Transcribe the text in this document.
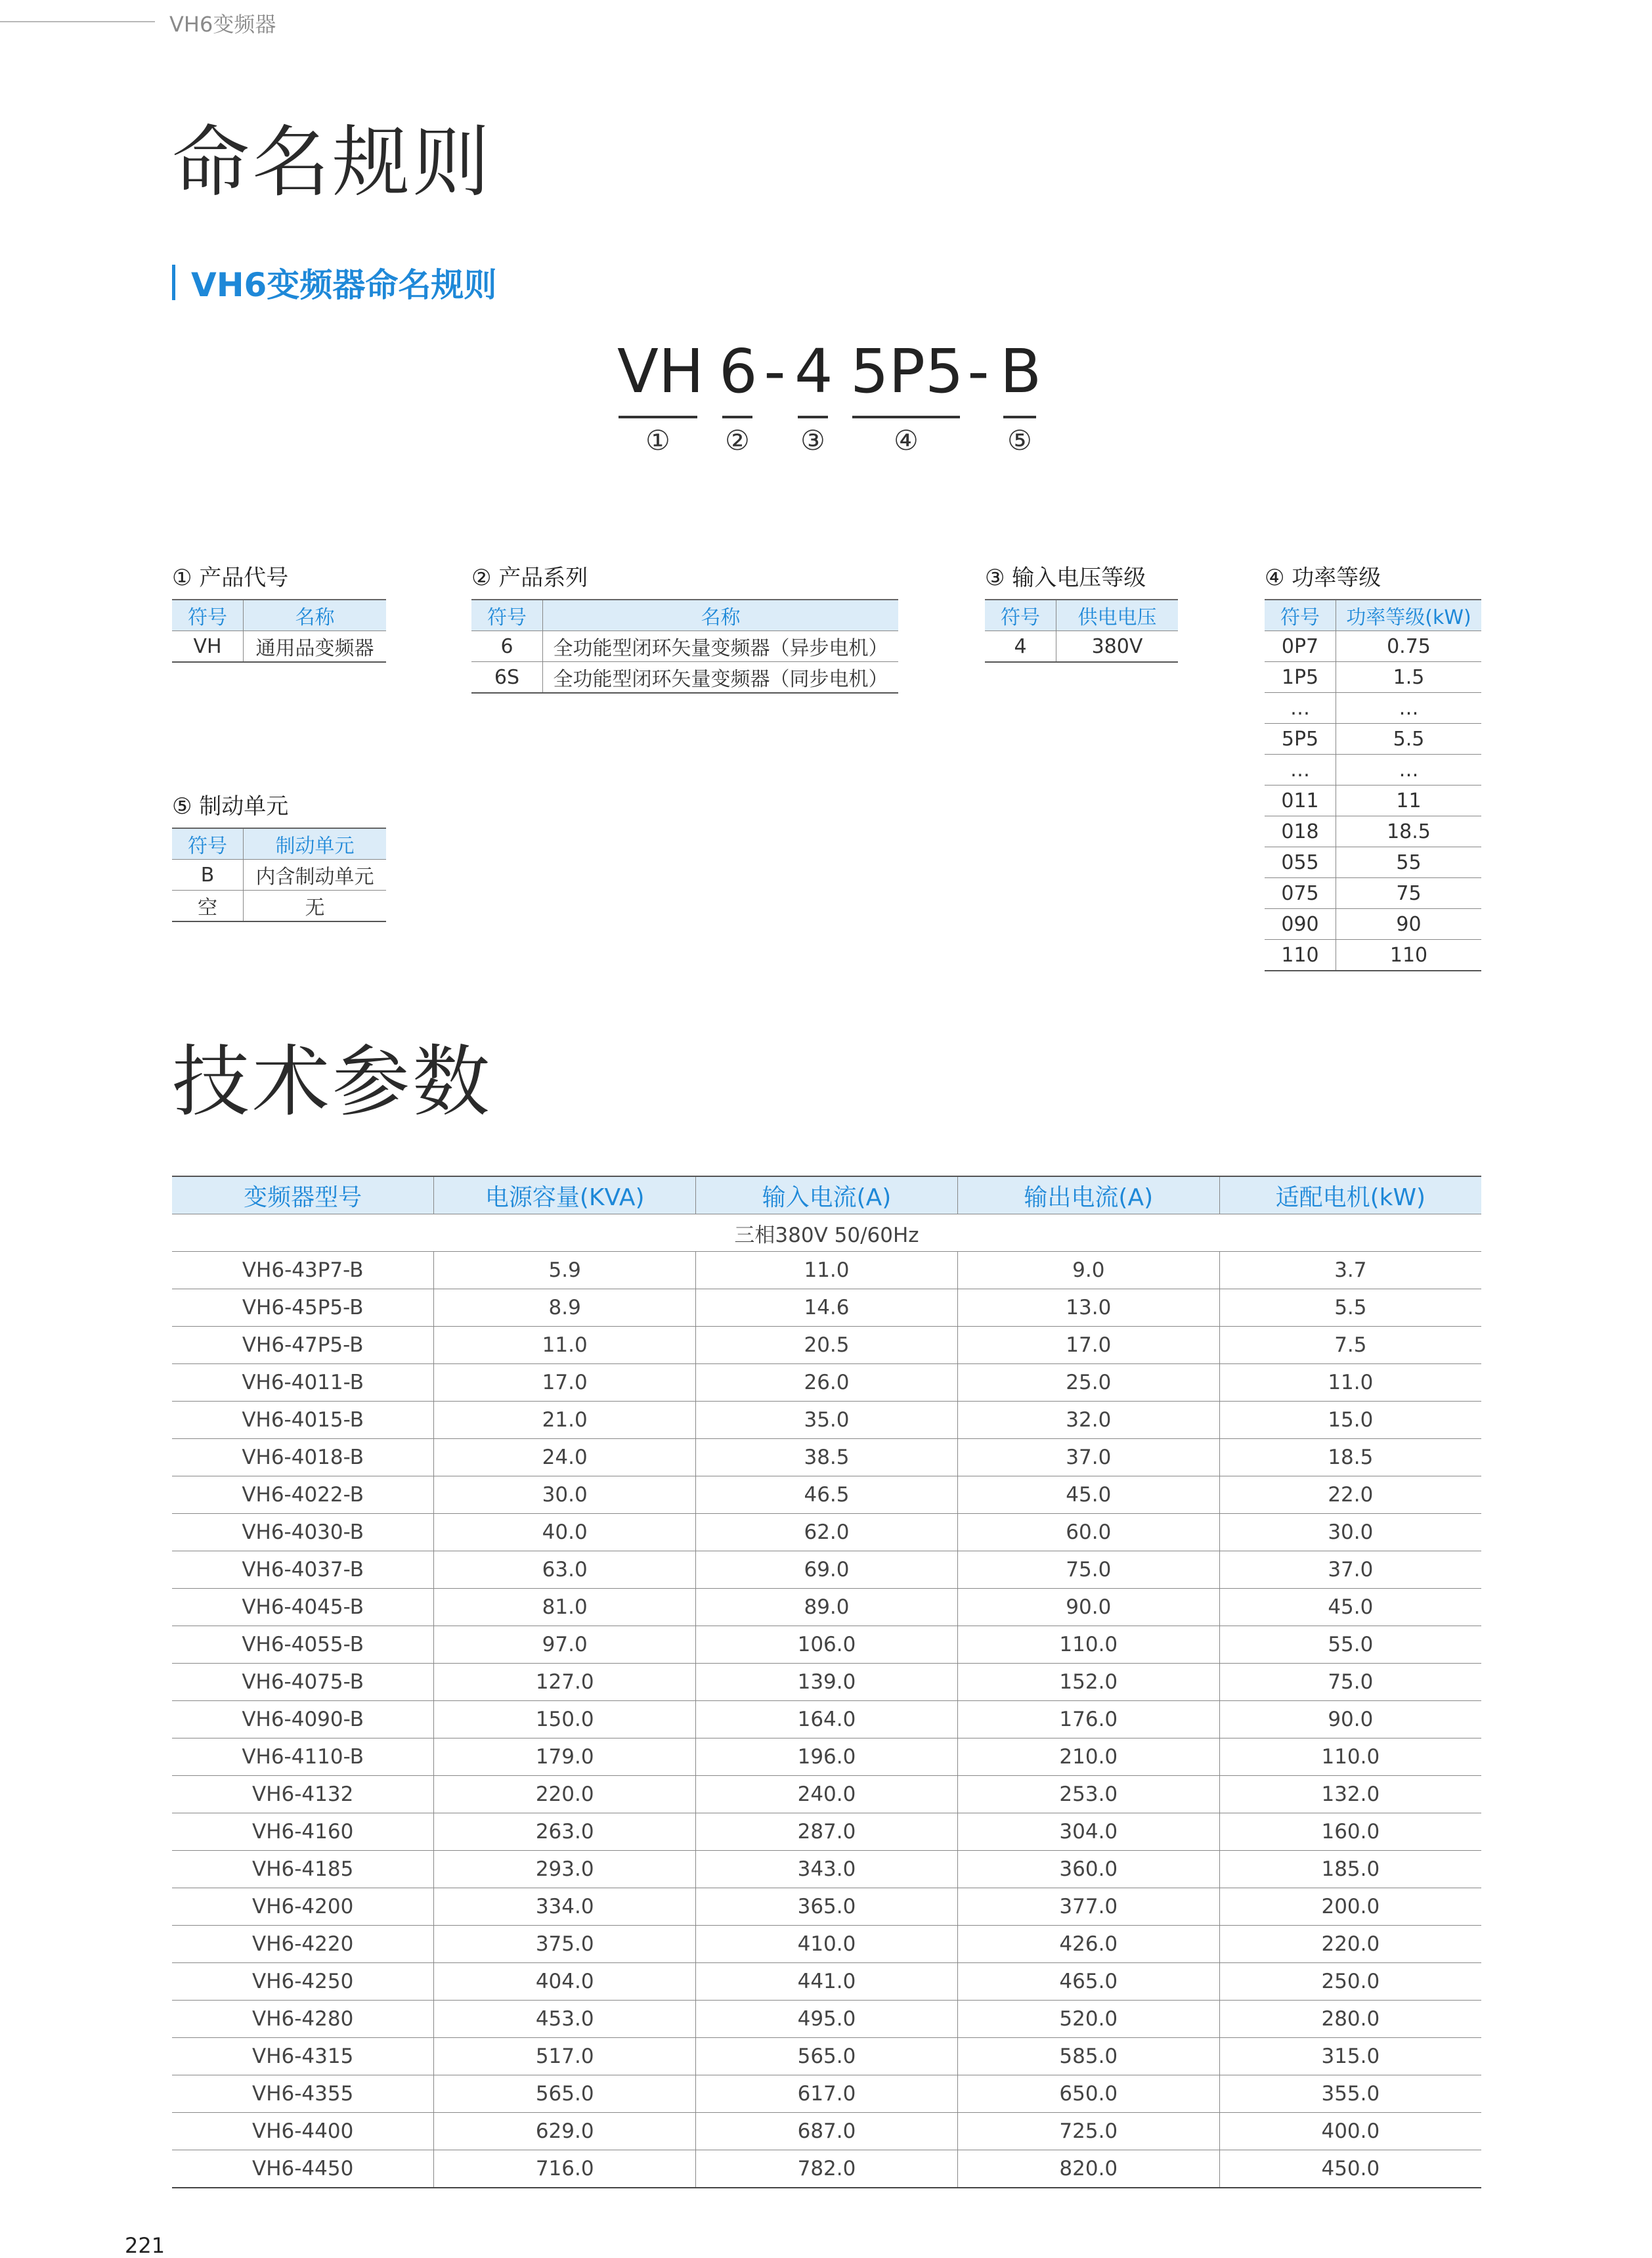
VH6变频器
命名规则
VH6变频器命名规则
VH 6 - 4 5P5 - B
① ② ③ ④	⑤
① 产品代号
符号	名称
VH	通用品变频器
② 产品系列
符号	名称
6	全功能型闭环矢量变频器（异步电机）
6S	全功能型闭环矢量变频器（同步电机）
③ 输入电压等级
符号	供电电压
4	380V
④ 功率等级
符号	功率等级(kW)
0P7	0.75
1P5	1.5
…	…
5P5	5.5
…	…
011	11
018	18.5
055	55
075	75
090	90
110	110
⑤ 制动单元
符号	制动单元
B	内含制动单元
空	无
技术参数
变频器型号	电源容量(KVA)	输入电流(A)	输出电流(A)	适配电机(kW)
三相380V 50/60Hz				
VH6-43P7-B	5.9	11.0	9.0	3.7
VH6-45P5-B	8.9	14.6	13.0	5.5
VH6-47P5-B	11.0	20.5	17.0	7.5
VH6-4011-B	17.0	26.0	25.0	11.0
VH6-4015-B	21.0	35.0	32.0	15.0
VH6-4018-B	24.0	38.5	37.0	18.5
VH6-4022-B	30.0	46.5	45.0	22.0
VH6-4030-B	40.0	62.0	60.0	30.0
VH6-4037-B	63.0	69.0	75.0	37.0
VH6-4045-B	81.0	89.0	90.0	45.0
VH6-4055-B	97.0	106.0	110.0	55.0
VH6-4075-B	127.0	139.0	152.0	75.0
VH6-4090-B	150.0	164.0	176.0	90.0
VH6-4110-B	179.0	196.0	210.0	110.0
VH6-4132	220.0	240.0	253.0	132.0
VH6-4160	263.0	287.0	304.0	160.0
VH6-4185	293.0	343.0	360.0	185.0
VH6-4200	334.0	365.0	377.0	200.0
VH6-4220	375.0	410.0	426.0	220.0
VH6-4250	404.0	441.0	465.0	250.0
VH6-4280	453.0	495.0	520.0	280.0
VH6-4315	517.0	565.0	585.0	315.0
VH6-4355	565.0	617.0	650.0	355.0
VH6-4400	629.0	687.0	725.0	400.0
VH6-4450	716.0	782.0	820.0	450.0
221
